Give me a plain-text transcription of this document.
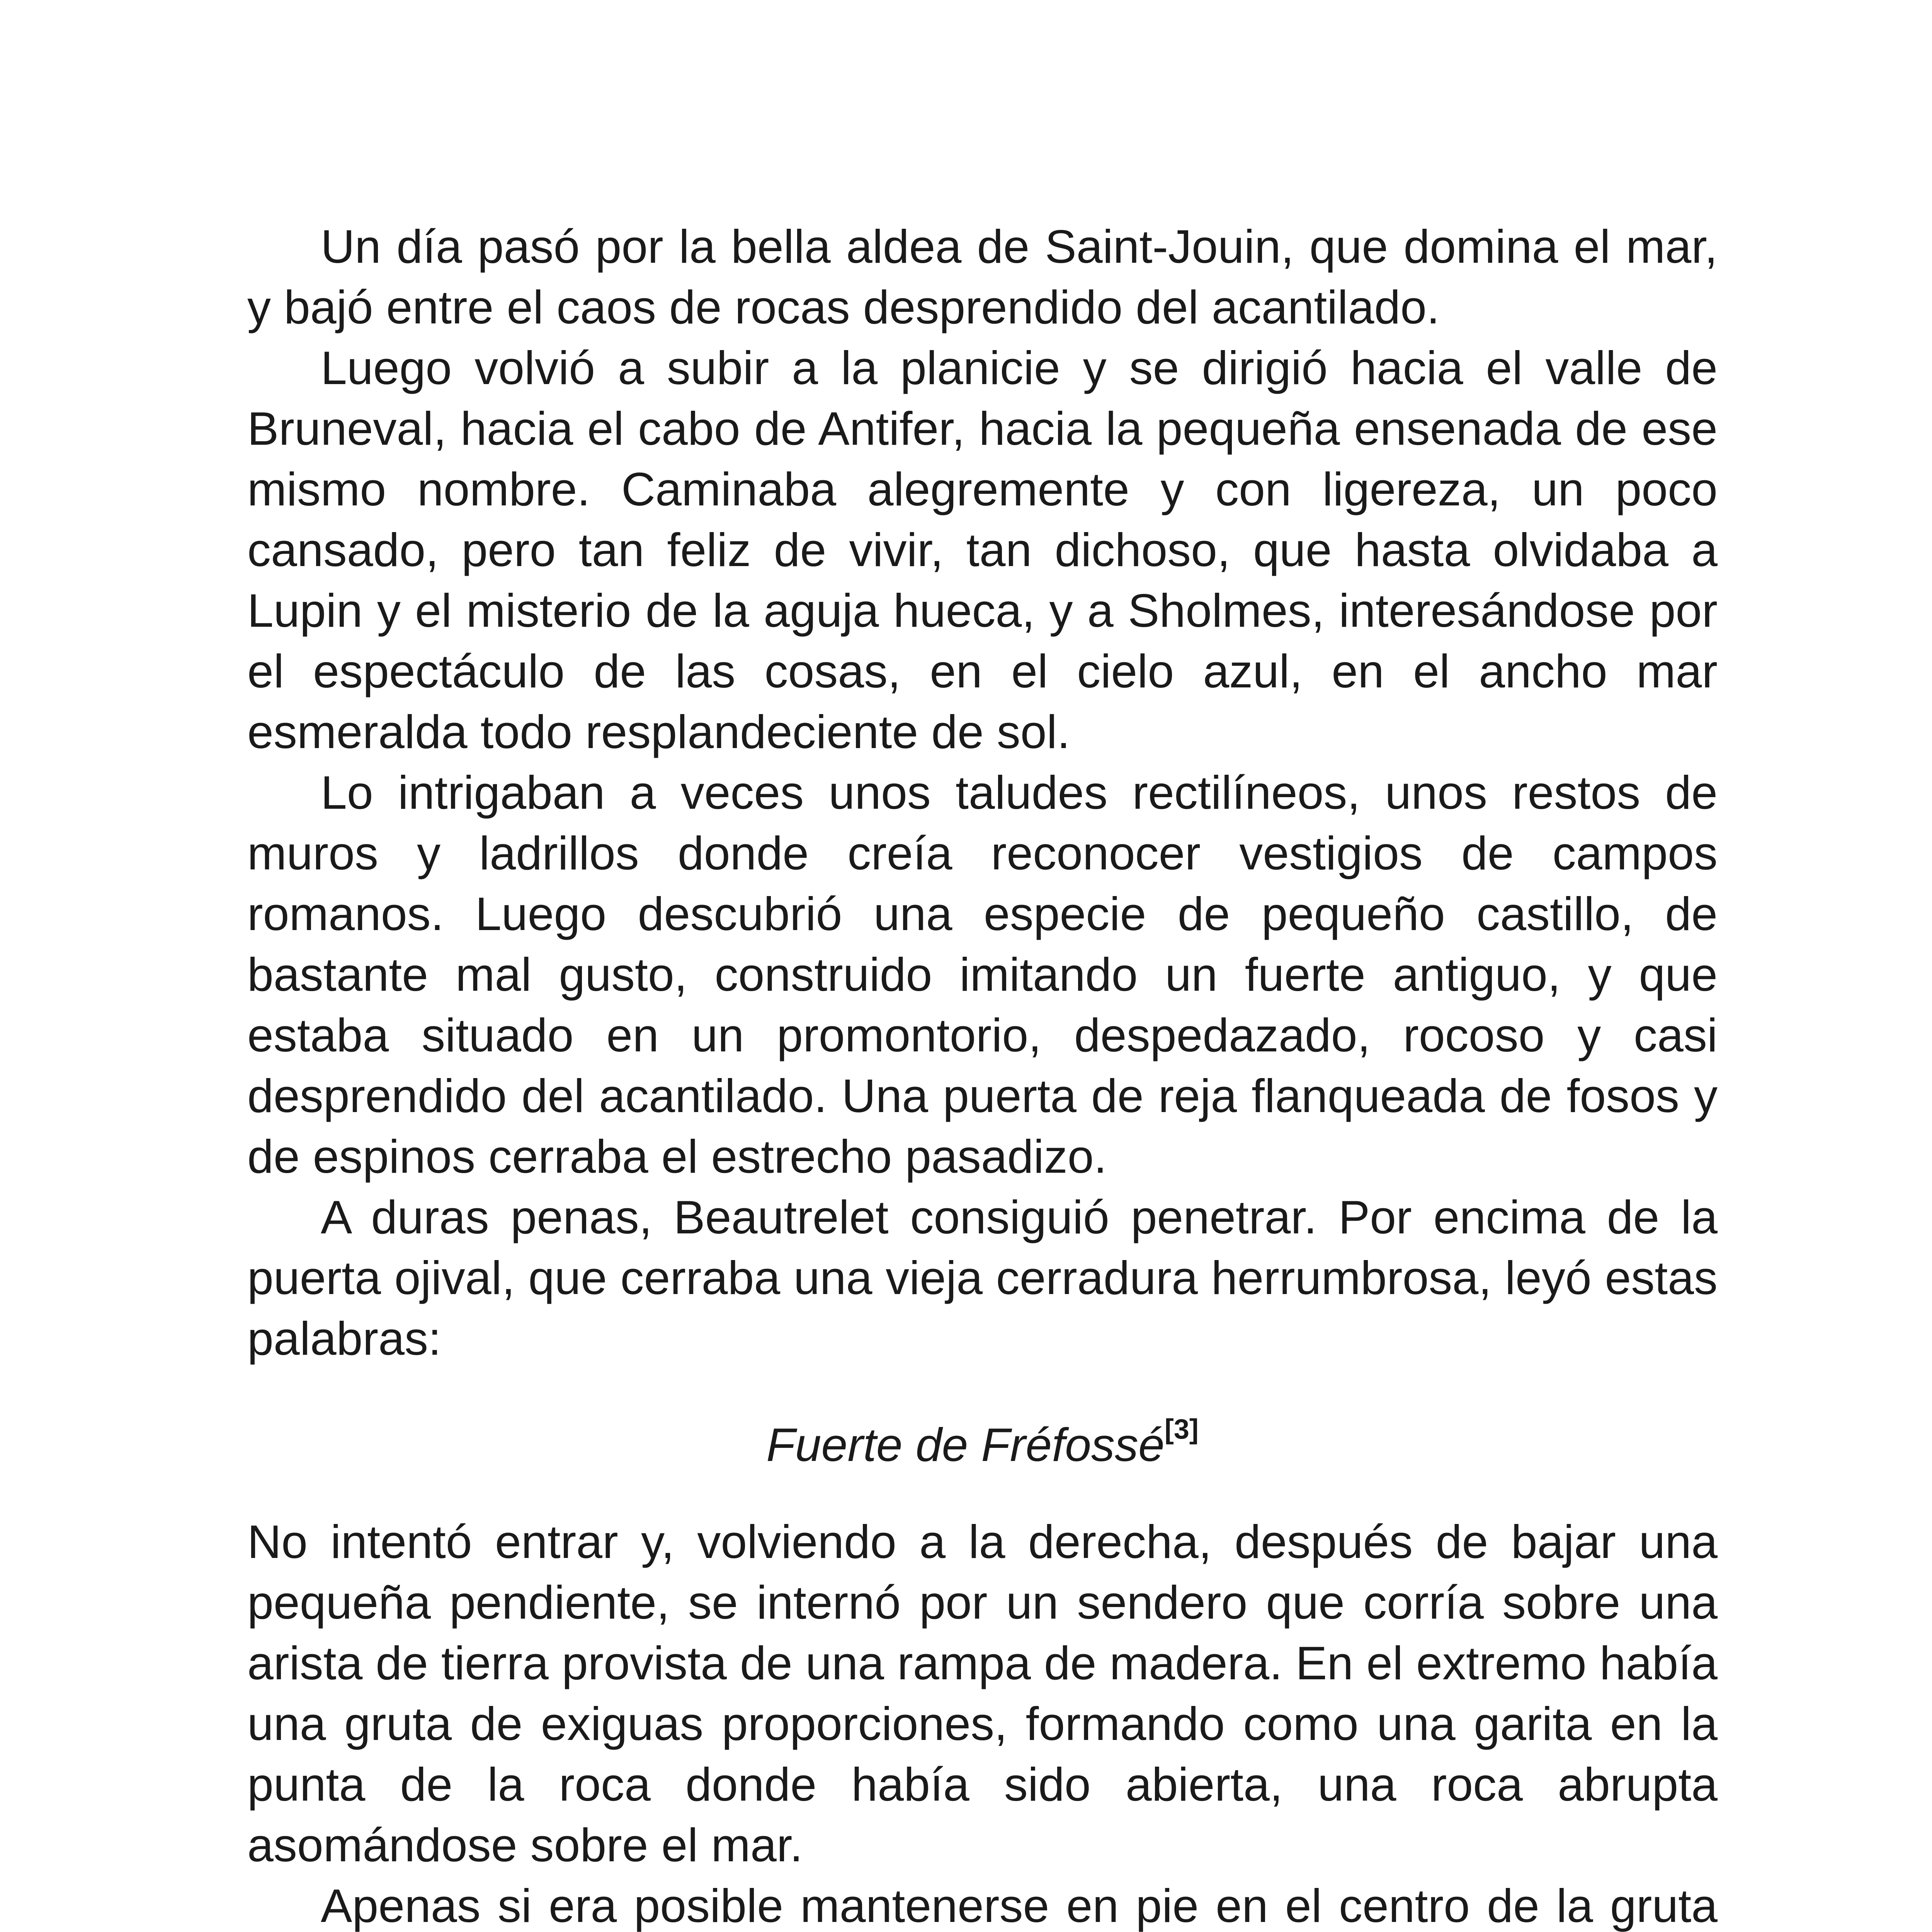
Un día pasó por la bella aldea de Saint-Jouin, que domina el mar, y bajó entre el caos de rocas desprendido del acantilado.

Luego volvió a subir a la planicie y se dirigió hacia el valle de Bruneval, hacia el cabo de Antifer, hacia la pequeña ensenada de ese mismo nombre. Caminaba alegremente y con ligereza, un poco cansado, pero tan feliz de vivir, tan dichoso, que hasta olvidaba a Lupin y el misterio de la aguja hueca, y a Sholmes, interesándose por el espectáculo de las cosas, en el cielo azul, en el ancho mar esmeralda todo resplandeciente de sol.

Lo intrigaban a veces unos taludes rectilíneos, unos restos de muros y ladrillos donde creía reconocer vestigios de campos romanos. Luego descubrió una especie de pequeño castillo, de bastante mal gusto, construido imitando un fuerte antiguo, y que estaba situado en un promontorio, despedazado, rocoso y casi desprendido del acantilado. Una puerta de reja flanqueada de fosos y de espinos cerraba el estrecho pasadizo.

A duras penas, Beautrelet consiguió penetrar. Por encima de la puerta ojival, que cerraba una vieja cerradura herrumbrosa, leyó estas palabras:

Fuerte de Fréfossé[3]

No intentó entrar y, volviendo a la derecha, después de bajar una pequeña pendiente, se internó por un sendero que corría sobre una arista de tierra provista de una rampa de madera. En el extremo había una gruta de exiguas proporciones, formando como una garita en la punta de la roca donde había sido abierta, una roca abrupta asomándose sobre el mar.

Apenas si era posible mantenerse en pie en el centro de la gruta
